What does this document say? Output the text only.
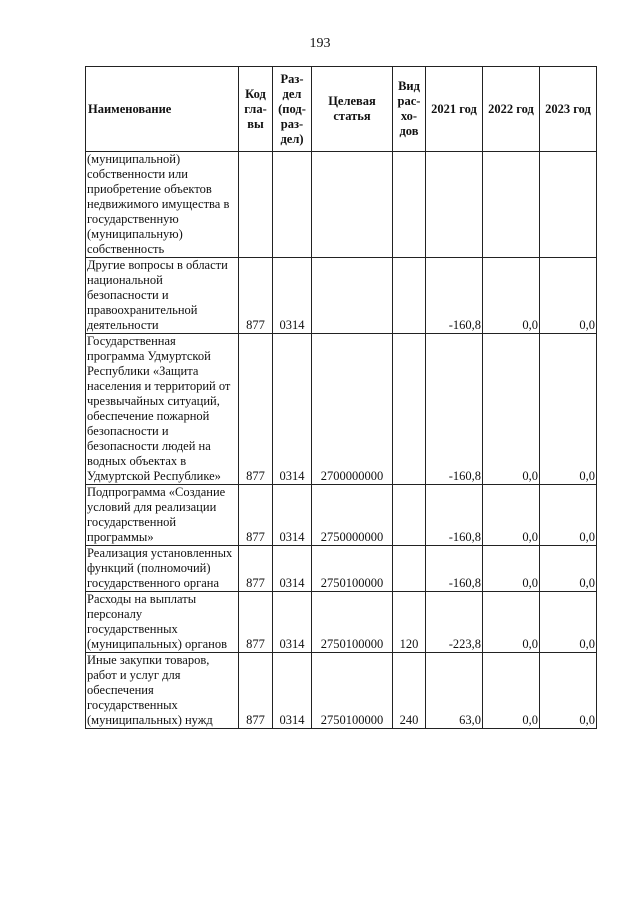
193
Наименование	Код гла-вы	Раз-дел (под-раз-дел)	Целевая статья	Вид рас-хо-дов	2021 год	2022 год	2023 год
(муниципальной) собственности или приобретение объектов недвижимого имущества в государственную (муниципальную) собственность							
Другие вопросы в области национальной безопасности и правоохранительной деятельности	877	0314			-160,8	0,0	0,0
Государственная программа Удмуртской Республики «Защита населения и территорий от чрезвычайных ситуаций, обеспечение пожарной безопасности и безопасности людей на водных объектах в Удмуртской Республике»	877	0314	2700000000		-160,8	0,0	0,0
Подпрограмма «Создание условий для реализации государственной программы»	877	0314	2750000000		-160,8	0,0	0,0
Реализация установленных функций (полномочий) государственного органа	877	0314	2750100000		-160,8	0,0	0,0
Расходы на выплаты персоналу государственных (муниципальных) органов	877	0314	2750100000	120	-223,8	0,0	0,0
Иные закупки товаров, работ и услуг для обеспечения государственных (муниципальных) нужд	877	0314	2750100000	240	63,0	0,0	0,0
